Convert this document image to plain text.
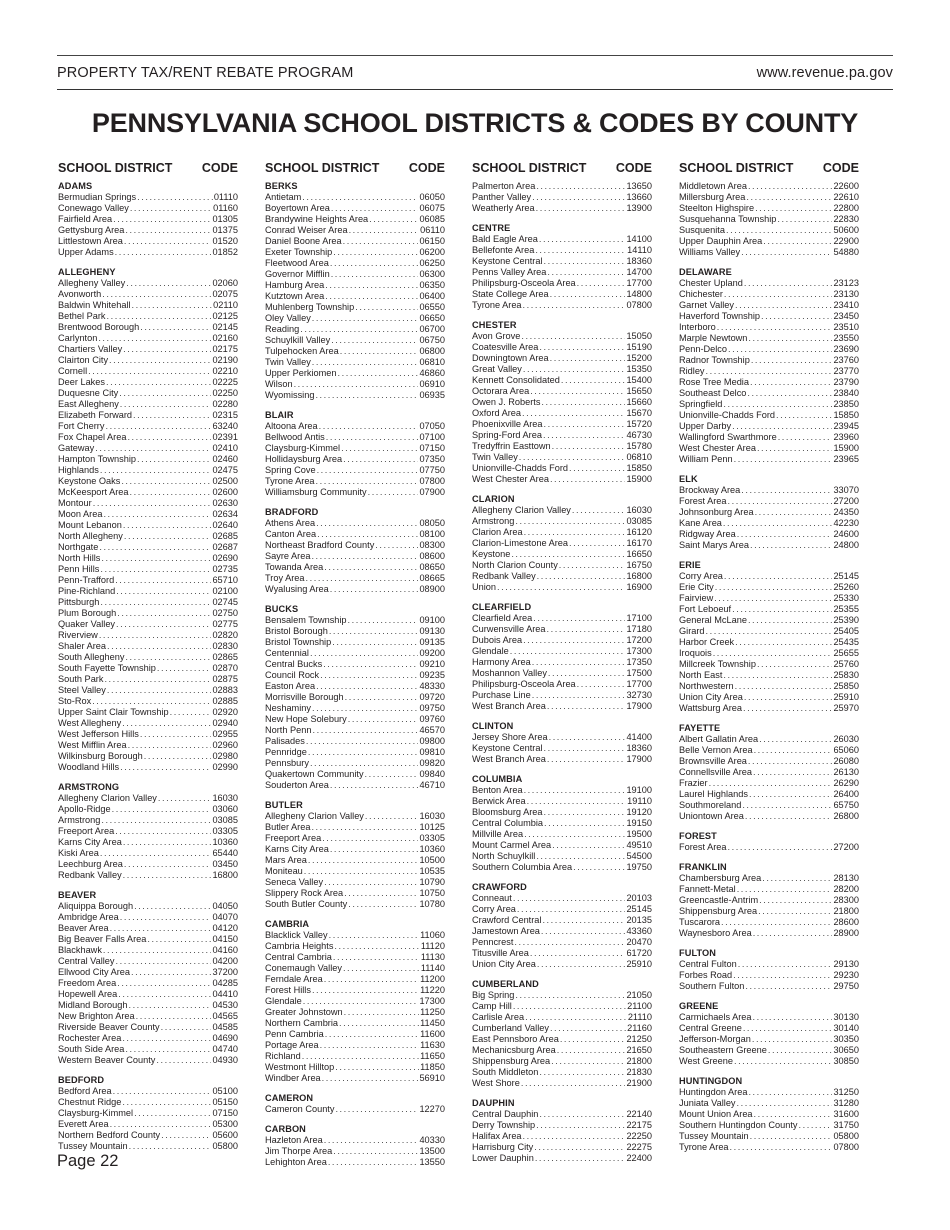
PROPERTY TAX/RENT REBATE PROGRAM	www.revenue.pa.gov
PENNSYLVANIA SCHOOL DISTRICTS & CODES BY COUNTY
SCHOOL DISTRICT CODE
ADAMS
Bermudian Springs . . .	01110
Conewago Valley . . .	01160
Fairfield Area . . .	01305
Gettysburg Area . . .	01375
Littlestown Area . . .	01520
Upper Adams . . .	01852
ALLEGHENY
Allegheny Valley . . .	02060
Avonworth . . .	02075
Baldwin Whitehall . . .	02110
Bethel Park . . .	02125
Brentwood Borough . . .	02145
Carlynton . . .	02160
Chartiers Valley . . .	02175
Clairton City . . .	02190
Cornell . . .	02210
Deer Lakes . . .	02225
Duquesne City . . .	02250
East Allegheny . . .	02280
Elizabeth Forward . . .	02315
Fort Cherry . . .	63240
Fox Chapel Area . . .	02391
Gateway . . .	02410
Hampton Township . . .	02460
Highlands . . .	02475
Keystone Oaks . . .	02500
McKeesport Area . . .	02600
Montour . . .	02630
Moon Area . . .	02634
Mount Lebanon . . .	02640
North Allegheny . . .	02685
Northgate . . .	02687
North Hills . . .	02690
Penn Hills . . .	02735
Penn-Trafford . . .	65710
Pine-Richland . . .	02100
Pittsburgh . . .	02745
Plum Borough . . .	02750
Quaker Valley . . .	02775
Riverview . . .	02820
Shaler Area . . .	02830
South Allegheny . . .	02865
South Fayette Township . . .	02870
South Park . . .	02875
Steel Valley . . .	02883
Sto-Rox . . .	02885
Upper Saint Clair Township . . .	02920
West Allegheny . . .	02940
West Jefferson Hills . . .	02955
West Mifflin Area . . .	02960
Wilkinsburg Borough . . .	02980
Woodland Hills . . .	02990
ARMSTRONG
Allegheny Clarion Valley . . .	16030
Apollo-Ridge . . .	03060
Armstrong . . .	03085
Freeport Area . . .	03305
Karns City Area . . .	10360
Kiski Area . . .	65440
Leechburg Area . . .	03450
Redbank Valley . . .	16800
BEAVER
Aliquippa Borough . . .	04050
Ambridge Area . . .	04070
Beaver Area . . .	04120
Big Beaver Falls Area . . .	04150
Blackhawk . . .	04160
Central Valley . . .	04200
Ellwood City Area . . .	37200
Freedom Area . . .	04285
Hopewell Area . . .	04410
Midland Borough . . .	04530
New Brighton Area . . .	04565
Riverside Beaver County . . .	04585
Rochester Area . . .	04690
South Side Area . . .	04740
Western Beaver County . . .	04930
BEDFORD
Bedford Area . . .	05100
Chestnut Ridge . . .	05150
Claysburg-Kimmel . . .	07150
Everett Area . . .	05300
Northern Bedford County . . .	05600
Tussey Mountain . . .	05800
SCHOOL DISTRICT CODE
BERKS
Antietam . . .	06050
Boyertown Area . . .	06075
Brandywine Heights Area . . .	06085
Conrad Weiser Area . . .	06110
Daniel Boone Area . . .	06150
Exeter Township . . .	06200
Fleetwood Area . . .	06250
Governor Mifflin . . .	06300
Hamburg Area . . .	06350
Kutztown Area . . .	06400
Muhlenberg Township . . .	06550
Oley Valley . . .	06650
Reading . . .	06700
Schuylkill Valley . . .	06750
Tulpehocken Area . . .	06800
Twin Valley . . .	06810
Upper Perkiomen . . .	46860
Wilson . . .	06910
Wyomissing . . .	06935
BLAIR
Altoona Area . . .	07050
Bellwood Antis . . .	07100
Claysburg-Kimmel . . .	07150
Hollidaysburg Area . . .	07350
Spring Cove . . .	07750
Tyrone Area . . .	07800
Williamsburg Community . . .	07900
BRADFORD
Athens Area . . .	08050
Canton Area . . .	08100
Northeast Bradford County . . .	08300
Sayre Area . . .	08600
Towanda Area . . .	08650
Troy Area . . .	08665
Wyalusing Area . . .	08900
BUCKS
Bensalem Township . . .	09100
Bristol Borough . . .	09130
Bristol Township . . .	09135
Centennial . . .	09200
Central Bucks . . .	09210
Council Rock . . .	09235
Easton Area . . .	48330
Morrisville Borough . . .	09720
Neshaminy . . .	09750
New Hope Solebury . . .	09760
North Penn . . .	46570
Palisades . . .	09800
Pennridge . . .	09810
Pennsbury . . .	09820
Quakertown Community . . .	09840
Souderton Area . . .	46710
BUTLER
Allegheny Clarion Valley . . .	16030
Butler Area . . .	10125
Freeport Area . . .	03305
Karns City Area . . .	10360
Mars Area . . .	10500
Moniteau . . .	10535
Seneca Valley . . .	10790
Slippery Rock Area . . .	10750
South Butler County . . .	10780
CAMBRIA
Blacklick Valley . . .	11060
Cambria Heights . . .	11120
Central Cambria . . .	11130
Conemaugh Valley . . .	11140
Ferndale Area . . .	11200
Forest Hills . . .	11220
Glendale . . .	17300
Greater Johnstown . . .	11250
Northern Cambria . . .	11450
Penn Cambria . . .	11600
Portage Area . . .	11630
Richland . . .	11650
Westmont Hilltop . . .	11850
Windber Area . . .	56910
CAMERON
Cameron County . . .	12270
CARBON
Hazleton Area . . .	40330
Jim Thorpe Area . . .	13500
Lehighton Area . . .	13550
SCHOOL DISTRICT CODE
Palmerton Area . . .	13650
Panther Valley . . .	13660
Weatherly Area . . .	13900
CENTRE
Bald Eagle Area . . .	14100
Bellefonte Area . . .	14110
Keystone Central . . .	18360
Penns Valley Area . . .	14700
Philipsburg-Osceola Area . . .	17700
State College Area . . .	14800
Tyrone Area . . .	07800
CHESTER
Avon Grove . . .	15050
Coatesville Area . . .	15190
Downingtown Area . . .	15200
Great Valley . . .	15350
Kennett Consolidated . . .	15400
Octorara Area . . .	15650
Owen J. Roberts . . .	15660
Oxford Area . . .	15670
Phoenixville Area . . .	15720
Spring-Ford Area . . .	46730
Tredyffrin Easttown . . .	15780
Twin Valley . . .	06810
Unionville-Chadds Ford . . .	15850
West Chester Area . . .	15900
CLARION
Allegheny Clarion Valley . . .	16030
Armstrong . . .	03085
Clarion Area . . .	16120
Clarion-Limestone Area . . .	16170
Keystone . . .	16650
North Clarion County . . .	16750
Redbank Valley . . .	16800
Union . . .	16900
CLEARFIELD
Clearfield Area . . .	17100
Curwensville Area . . .	17180
Dubois Area . . .	17200
Glendale . . .	17300
Harmony Area . . .	17350
Moshannon Valley . . .	17500
Philipsburg-Osceola Area . . .	17700
Purchase Line . . .	32730
West Branch Area . . .	17900
CLINTON
Jersey Shore Area . . .	41400
Keystone Central . . .	18360
West Branch Area . . .	17900
COLUMBIA
Benton Area . . .	19100
Berwick Area . . .	19110
Bloomsburg Area . . .	19120
Central Columbia . . .	19150
Millville Area . . .	19500
Mount Carmel Area . . .	49510
North Schuylkill . . .	54500
Southern Columbia Area . . .	19750
CRAWFORD
Conneaut . . .	20103
Corry Area . . .	25145
Crawford Central . . .	20135
Jamestown Area . . .	43360
Penncrest . . .	20470
Titusville Area . . .	61720
Union City Area . . .	25910
CUMBERLAND
Big Spring . . .	21050
Camp Hill . . .	21100
Carlisle Area . . .	21110
Cumberland Valley . . .	21160
East Pennsboro Area . . .	21250
Mechanicsburg Area . . .	21650
Shippensburg Area . . .	21800
South Middleton . . .	21830
West Shore . . .	21900
DAUPHIN
Central Dauphin . . .	22140
Derry Township . . .	22175
Halifax Area . . .	22250
Harrisburg City . . .	22275
Lower Dauphin . . .	22400
SCHOOL DISTRICT CODE
Middletown Area . . .	22600
Millersburg Area . . .	22610
Steelton Highspire . . .	22800
Susquehanna Township . . .	22830
Susquenita . . .	50600
Upper Dauphin Area . . .	22900
Williams Valley . . .	54880
DELAWARE
Chester Upland . . .	23123
Chichester . . .	23130
Garnet Valley . . .	23410
Haverford Township . . .	23450
Interboro . . .	23510
Marple Newtown . . .	23550
Penn-Delco . . .	23690
Radnor Township . . .	23760
Ridley . . .	23770
Rose Tree Media . . .	23790
Southeast Delco . . .	23840
Springfield . . .	23850
Unionville-Chadds Ford . . .	15850
Upper Darby . . .	23945
Wallingford Swarthmore . . .	23960
West Chester Area . . .	15900
William Penn . . .	23965
ELK
Brockway Area . . .	33070
Forest Area . . .	27200
Johnsonburg Area . . .	24350
Kane Area . . .	42230
Ridgway Area . . .	24600
Saint Marys Area . . .	24800
ERIE
Corry Area . . .	25145
Erie City . . .	25260
Fairview . . .	25330
Fort Leboeuf . . .	25355
General McLane . . .	25390
Girard . . .	25405
Harbor Creek . . .	25435
Iroquois . . .	25655
Millcreek Township . . .	25760
North East . . .	25830
Northwestern . . .	25850
Union City Area . . .	25910
Wattsburg Area . . .	25970
FAYETTE
Albert Gallatin Area . . .	26030
Belle Vernon Area . . .	65060
Brownsville Area . . .	26080
Connellsville Area . . .	26130
Frazier . . .	26290
Laurel Highlands . . .	26400
Southmoreland . . .	65750
Uniontown Area . . .	26800
FOREST
Forest Area . . .	27200
FRANKLIN
Chambersburg Area . . .	28130
Fannett-Metal . . .	28200
Greencastle-Antrim . . .	28300
Shippensburg Area . . .	21800
Tuscarora . . .	28600
Waynesboro Area . . .	28900
FULTON
Central Fulton . . .	29130
Forbes Road . . .	29230
Southern Fulton . . .	29750
GREENE
Carmichaels Area . . .	30130
Central Greene . . .	30140
Jefferson-Morgan . . .	30350
Southeastern Greene . . .	30650
West Greene . . .	30850
HUNTINGDON
Huntingdon Area . . .	31250
Juniata Valley . . .	31280
Mount Union Area . . .	31600
Southern Huntingdon County . . .	31750
Tussey Mountain . . .	05800
Tyrone Area . . .	07800
Page 22
